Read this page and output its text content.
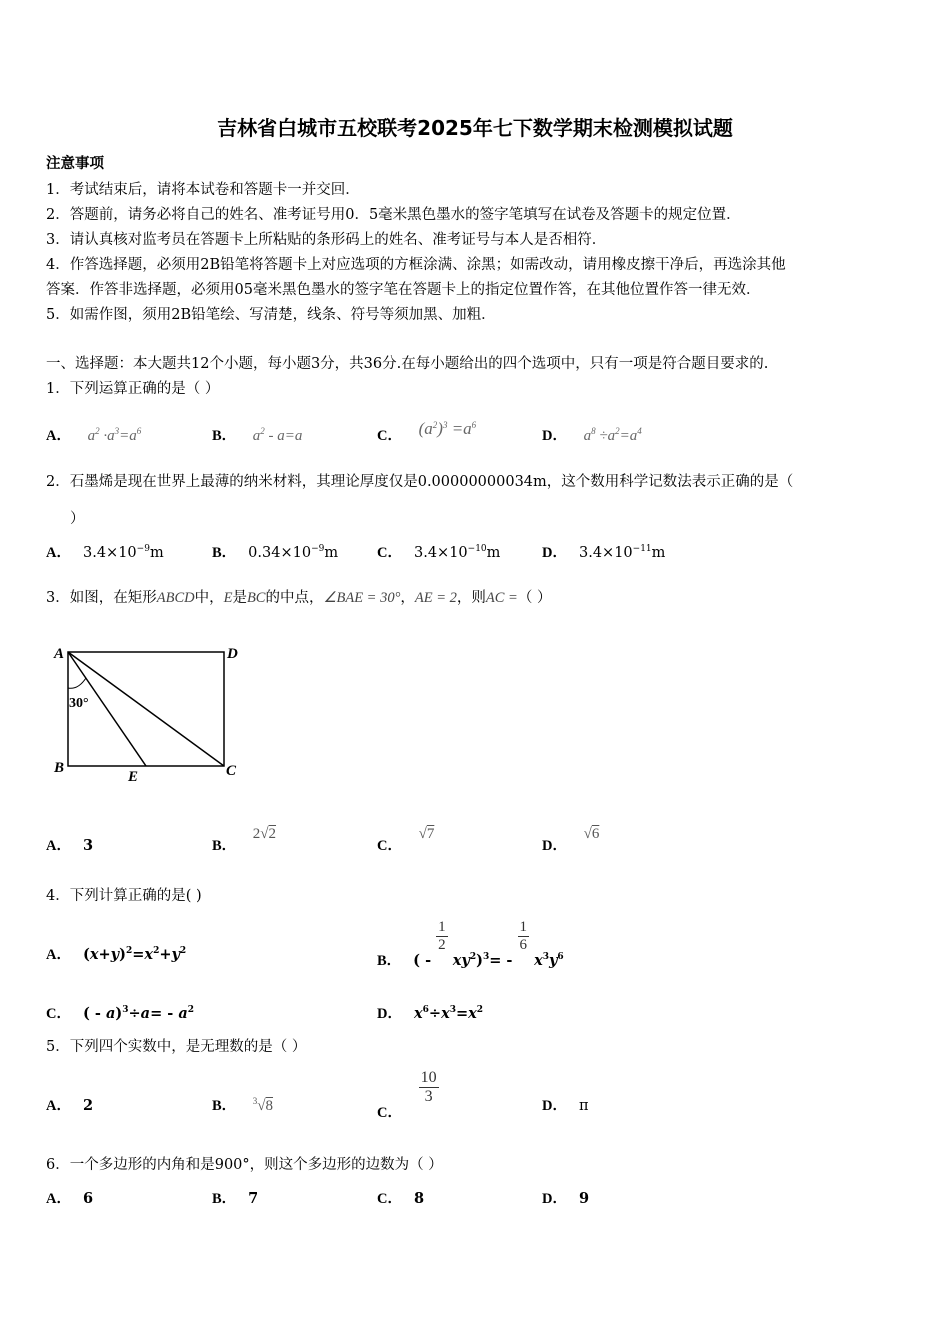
吉林省白城市五校联考2025年七下数学期末检测模拟试题
注意事项
1．考试结束后，请将本试卷和答题卡一并交回．
2．答题前，请务必将自己的姓名、准考证号用0．5毫米黑色墨水的签字笔填写在试卷及答题卡的规定位置．
3．请认真核对监考员在答题卡上所粘贴的条形码上的姓名、准考证号与本人是否相符．
4．作答选择题，必须用2B铅笔将答题卡上对应选项的方框涂满、涂黑；如需改动，请用橡皮擦干净后，再选涂其他
答案．作答非选择题，必须用05毫米黑色墨水的签字笔在答题卡上的指定位置作答，在其他位置作答一律无效．
5．如需作图，须用2B铅笔绘、写清楚，线条、符号等须加黑、加粗．
一、选择题：本大题共12个小题，每小题3分，共36分.在每小题给出的四个选项中，只有一项是符合题目要求的.
1．下列运算正确的是（ ）
A． $a^2 \cdot a^3=a^6$	B． $a^2 - a=a$	C． $(a^2)^3 =a^6$
D． $a^8 \div a^2=a^4$
2．石墨烯是现在世界上最薄的纳米材料，其理论厚度仅是0.00000000034m，这个数用科学记数法表示正确的是（
）
A． $3.4\times 10^{-9}m$	B． $0.34\times 10^{-9}m$	C． $3.4\times 10^{-10}m$	D． $3.4\times 10^{-11}m$
3．如图，在矩形ABCD中，E是BC的中点，∠BAE = 30°，AE = 2，则AC =（ ）
A	D
B	C
E
30°
A． 3	B． 2√2
C． √7
D． √6
4．下列计算正确的是( )
A． $(x+y)^2=x^2+y^2$
B． ( -
$\frac{1}{2}$
$xy^2)^3=$ -
$\frac{1}{6}$
$x^3y^6$
C． ( - $a)^3\div a= - a^2$	D． $x^6\div x^3=x^2$
5．下列四个实数中，是无理数的是（ ）
A． 2	B． $^3$√8	C．
$\frac{10}{3}$	D． π
6．一个多边形的内角和是900°，则这个多边形的边数为（ ）
A． 6	B． 7	C． 8	D． 9
